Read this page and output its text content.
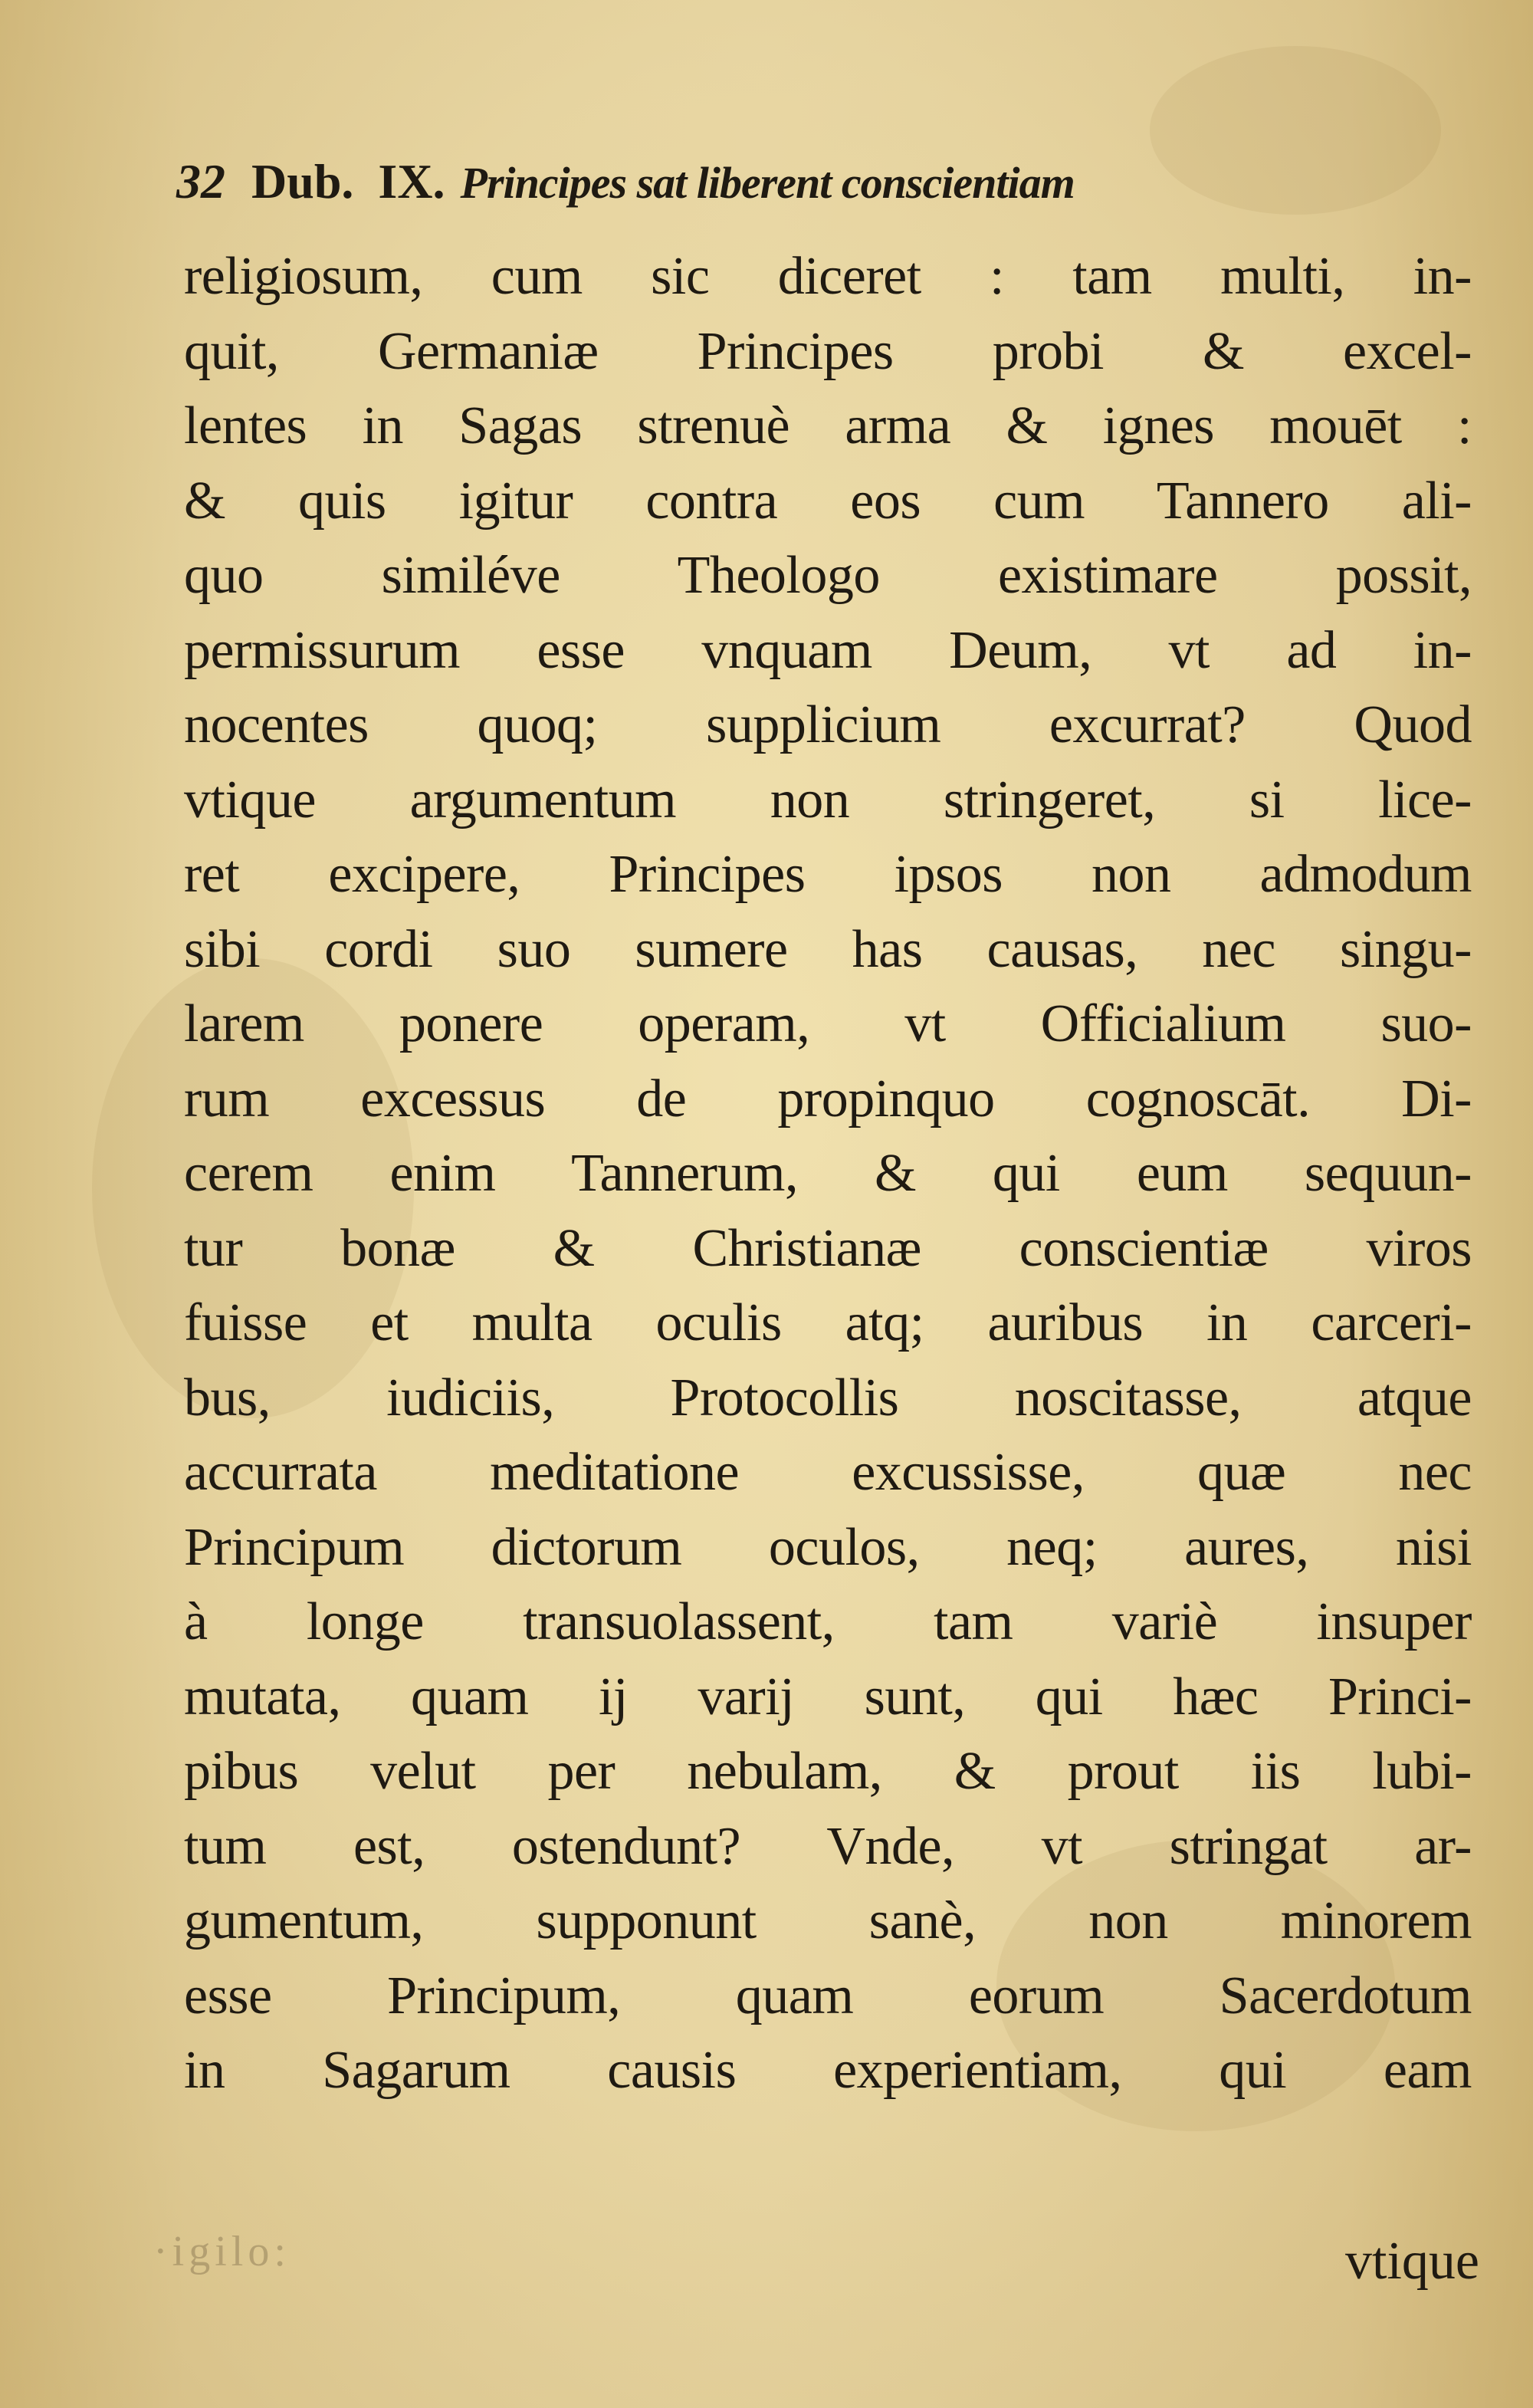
32 Dub. IX. Principes sat liberent conscientiam
religiosum, cum sic diceret : tam multi, in-
quit, Germaniæ Principes probi & excel-
lentes in Sagas strenuè arma & ignes mouēt :
& quis igitur contra eos cum Tannero ali-
quo similéve Theologo existimare possit,
permissurum esse vnquam Deum, vt ad in-
nocentes quoq; supplicium excurrat? Quod
vtique argumentum non stringeret, si lice-
ret excipere, Principes ipsos non admodum
sibi cordi suo sumere has causas, nec singu-
larem ponere operam, vt Officialium suo-
rum excessus de propinquo cognoscāt. Di-
cerem enim Tannerum, & qui eum sequun-
tur bonæ & Christianæ conscientiæ viros
fuisse et multa oculis atq; auribus in carceri-
bus, iudiciis, Protocollis noscitasse, atque
accurrata meditatione excussisse, quæ nec
Principum dictorum oculos, neq; aures, nisi
à longe transuolassent, tam variè insuper
mutata, quam ij varij sunt, qui hæc Princi-
pibus velut per nebulam, & prout iis lubi-
tum est, ostendunt? Vnde, vt stringat ar-
gumentum, supponunt sanè, non minorem
esse Principum, quam eorum Sacerdotum
in Sagarum causis experientiam, qui eam
·igilo:	vtique
